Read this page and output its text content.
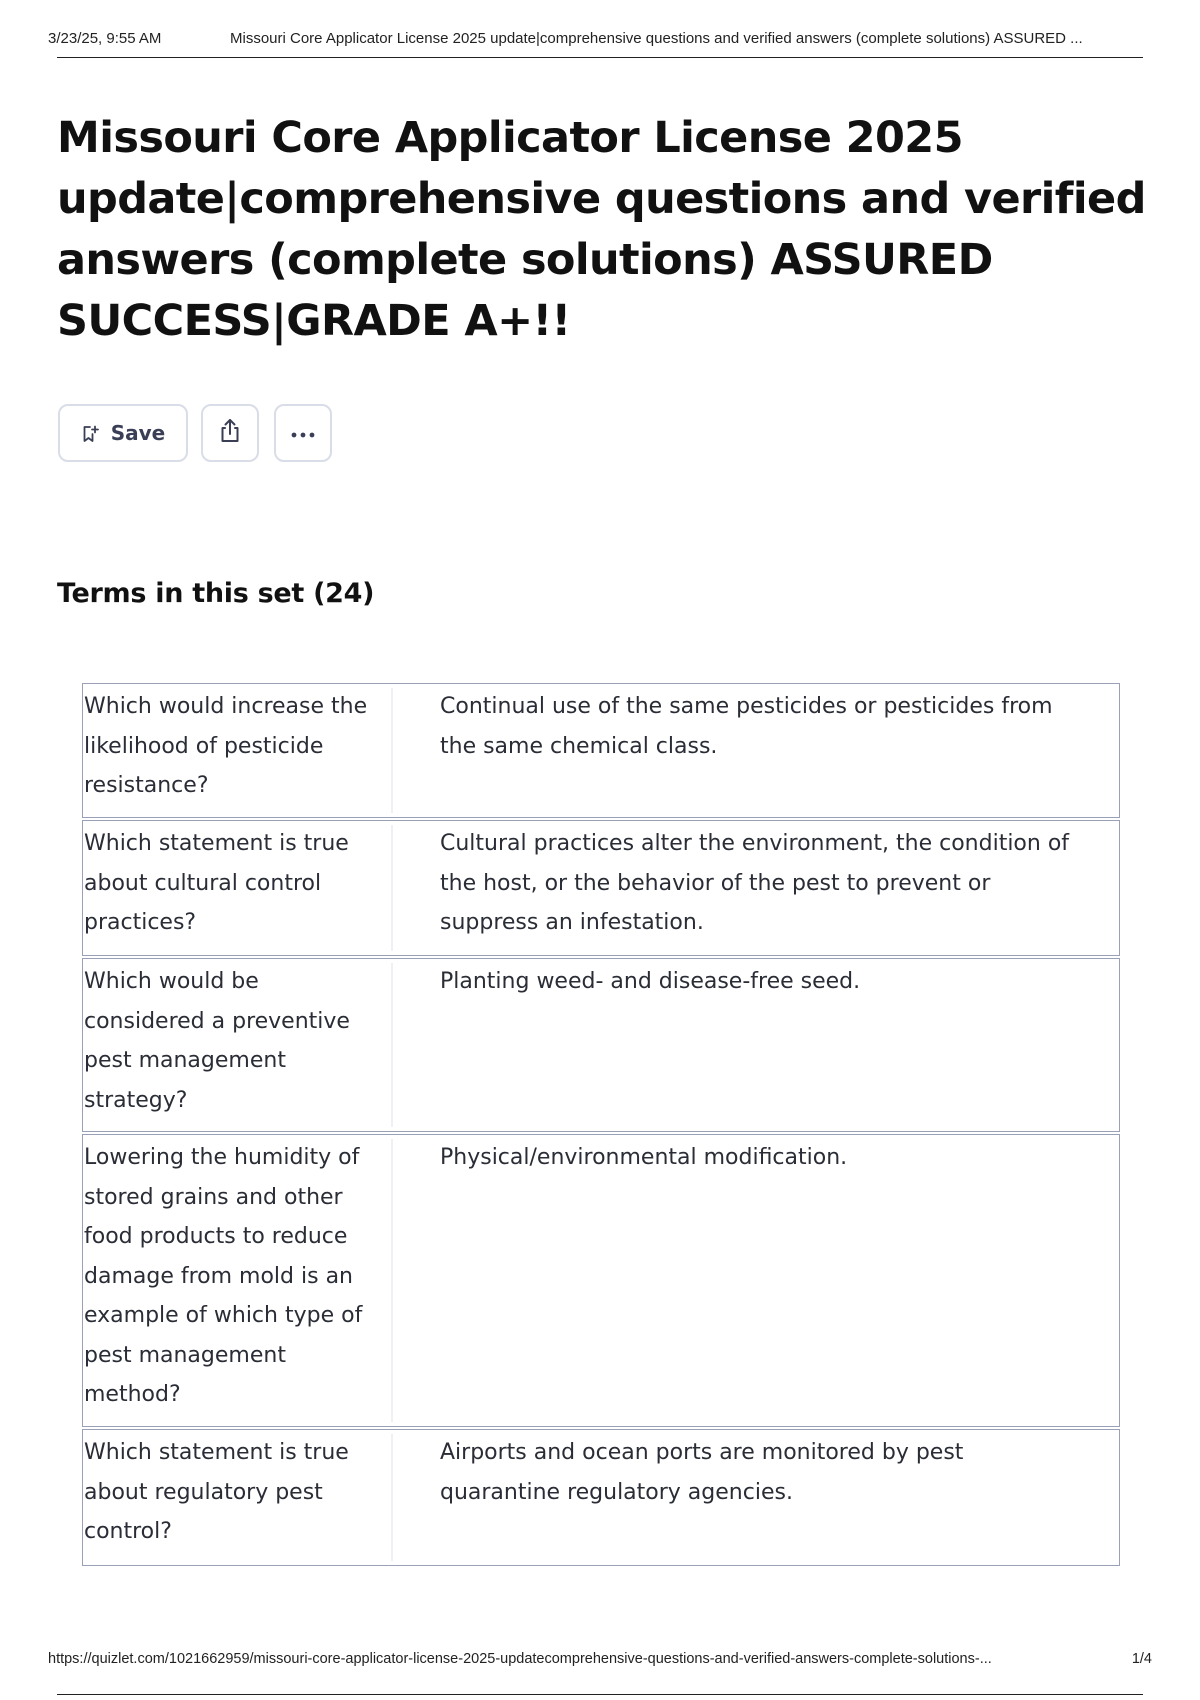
3/23/25, 9:55 AM	Missouri Core Applicator License 2025 update|comprehensive questions and verified answers (complete solutions) ASSURED ...
Missouri Core Applicator License 2025 update|comprehensive questions and verified answers (complete solutions) ASSURED SUCCESS|GRADE A+!!
Save
Terms in this set (24)
Which would increase the likelihood of pesticide resistance?
Continual use of the same pesticides or pesticides from the same chemical class.
Which statement is true about cultural control practices?
Cultural practices alter the environment, the condition of the host, or the behavior of the pest to prevent or suppress an infestation.
Which would be considered a preventive pest management strategy?
Planting weed- and disease-free seed.
Lowering the humidity of stored grains and other food products to reduce damage from mold is an example of which type of pest management method?
Physical/environmental modification.
Which statement is true about regulatory pest control?
Airports and ocean ports are monitored by pest quarantine regulatory agencies.
https://quizlet.com/1021662959/missouri-core-applicator-license-2025-updatecomprehensive-questions-and-verified-answers-complete-solutions-...	1/4
